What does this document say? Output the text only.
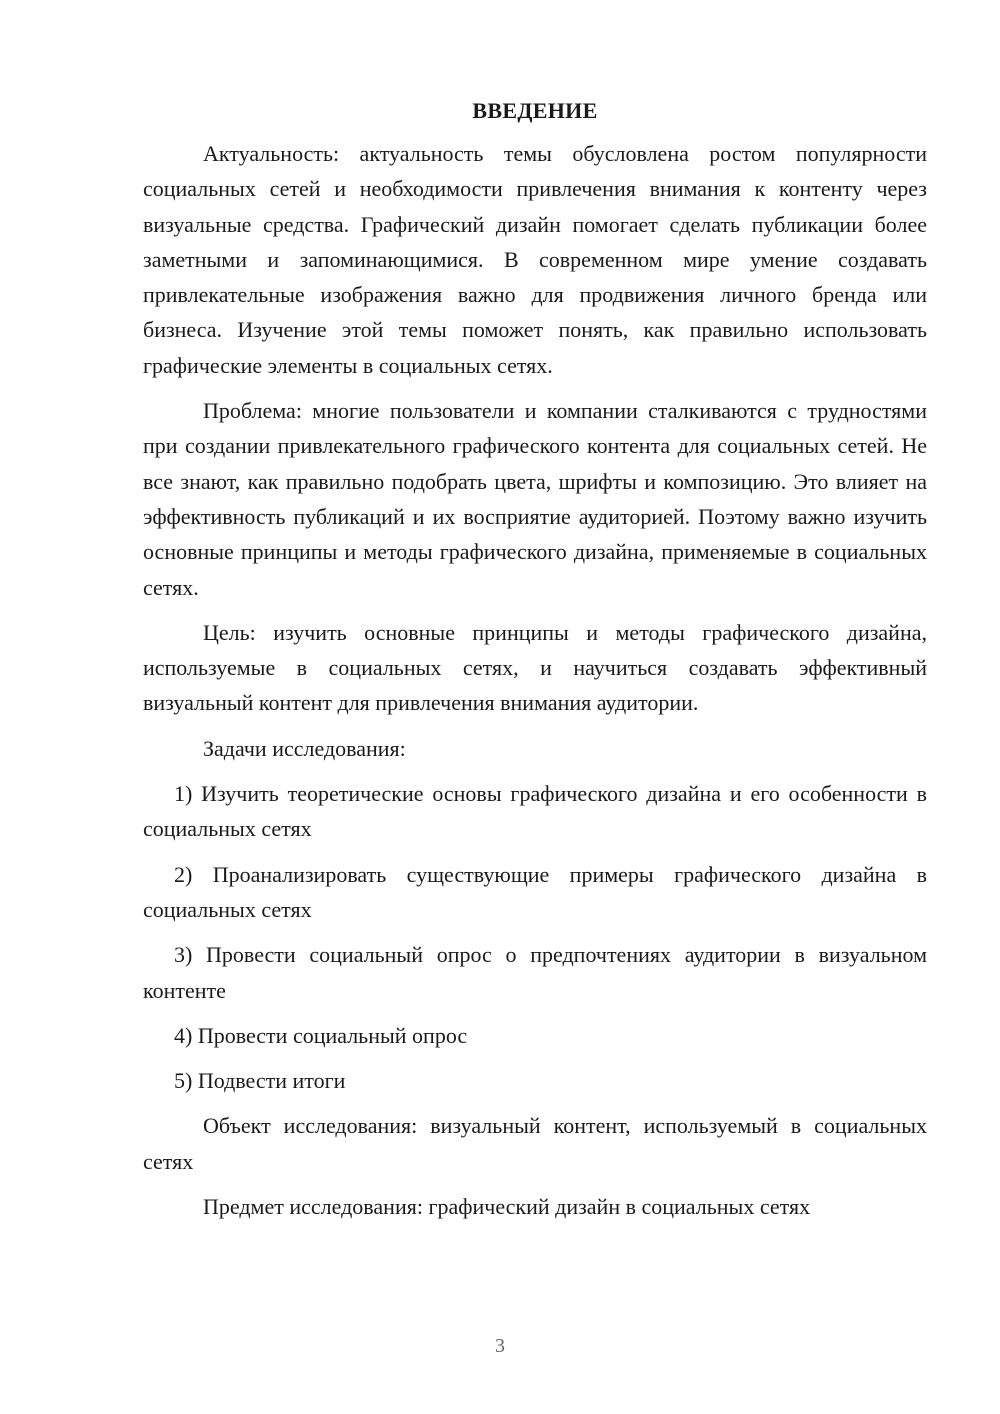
ВВЕДЕНИЕ

Актуальность: актуальность темы обусловлена ростом популярности социальных сетей и необходимости привлечения внимания к контенту через визуальные средства. Графический дизайн помогает сделать публикации более заметными и запоминающимися. В современном мире умение создавать привлекательные изображения важно для продвижения личного бренда или бизнеса. Изучение этой темы поможет понять, как правильно использовать графические элементы в социальных сетях.

Проблема: многие пользователи и компании сталкиваются с трудностями при создании привлекательного графического контента для социальных сетей. Не все знают, как правильно подобрать цвета, шрифты и композицию. Это влияет на эффективность публикаций и их восприятие аудиторией. Поэтому важно изучить основные принципы и методы графического дизайна, применяемые в социальных сетях.

Цель: изучить основные принципы и методы графического дизайна, используемые в социальных сетях, и научиться создавать эффективный визуальный контент для привлечения внимания аудитории.

Задачи исследования:

1) Изучить теоретические основы графического дизайна и его особенности в социальных сетях

2) Проанализировать существующие примеры графического дизайна в социальных сетях

3) Провести социальный опрос о предпочтениях аудитории в визуальном контенте

4) Провести социальный опрос

5) Подвести итоги

Объект исследования: визуальный контент, используемый в социальных сетях

Предмет исследования: графический дизайн в социальных сетях

3
